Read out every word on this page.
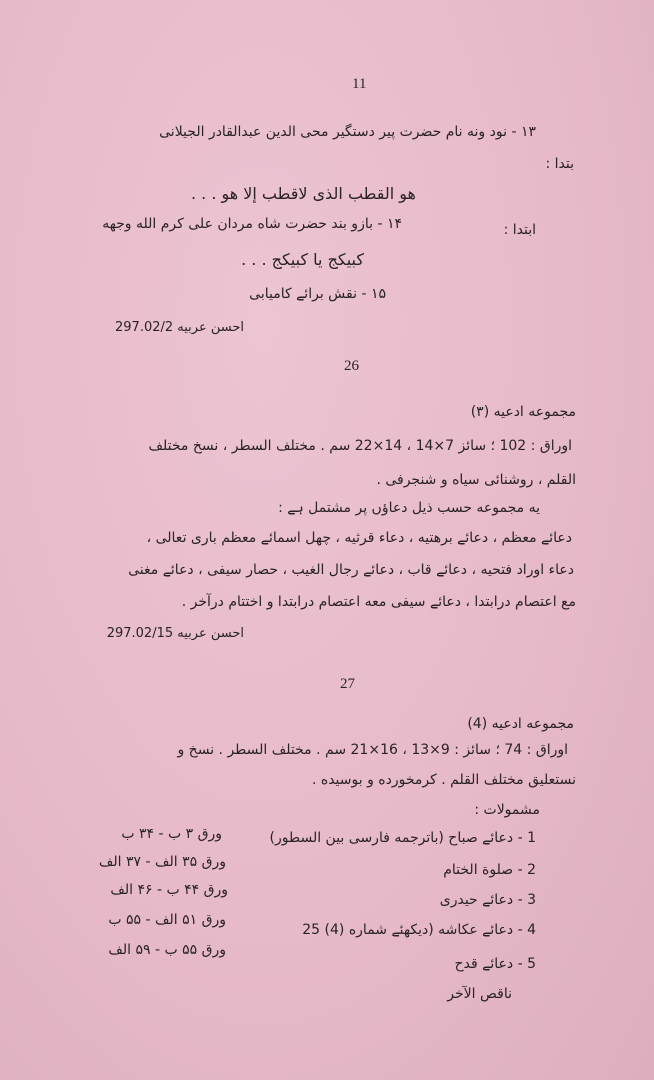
11
۱۳ - نود ونه نام حضرت پیر دستگیر محی الدین عبدالقادر الجیلانی
بتدا :
هو القطب الذی لاقطب إلا هو . . .
ابتدا :
۱۴ - بازو بند حضرت شاه مردان علی کرم الله وجهه
کبیکج یا کبیکج . . .
۱۵ - نقش برائے کامیابی
احسن عربیه 297.02/2
26
مجموعه ادعیه (۳)
اوراق : 102 ؛ سائز 7×14 ، 14×22 سم . مختلف السطر ، نسخ مختلف
القلم ، روشنائی سیاه و شنجرفی .
یه مجموعه حسب ذیل دعاؤں پر مشتمل ہے :
دعائے معظم ، دعائے برهتیه ، دعاء قرثیه ، چهل اسمائے معظم باری تعالی ،
دعاء اوراد فتحیه ، دعائے قاب ، دعائے رجال الغیب ، حصار سیفی ، دعائے مغنی
مع اعتصام درابتدا ، دعائے سیفی معه اعتصام درابتدا و اختتام درآخر .
احسن عربیه 297.02/15
27
مجموعه ادعیه (4)
اوراق : 74 ؛ سائز : 9×13 ، 16×21 سم . مختلف السطر . نسخ و
نستعلیق مختلف القلم . کرمخورده و بوسیده .
مشمولات :
1 - دعائے صباح (باترجمه فارسی بین السطور)
ورق ۳ ب - ۳۴ ب
2 - صلوة الختام
ورق ۳۵ الف - ۳۷ الف
3 - دعائے حیدری
ورق ۴۴ ب - ۴۶ الف
4 - دعائے عکاشه (دیکھئے شماره (4) 25
ورق ۵۱ الف - ۵۵ ب
5 - دعائے قدح
ورق ۵۵ ب - ۵۹ الف
ناقص الآخر
